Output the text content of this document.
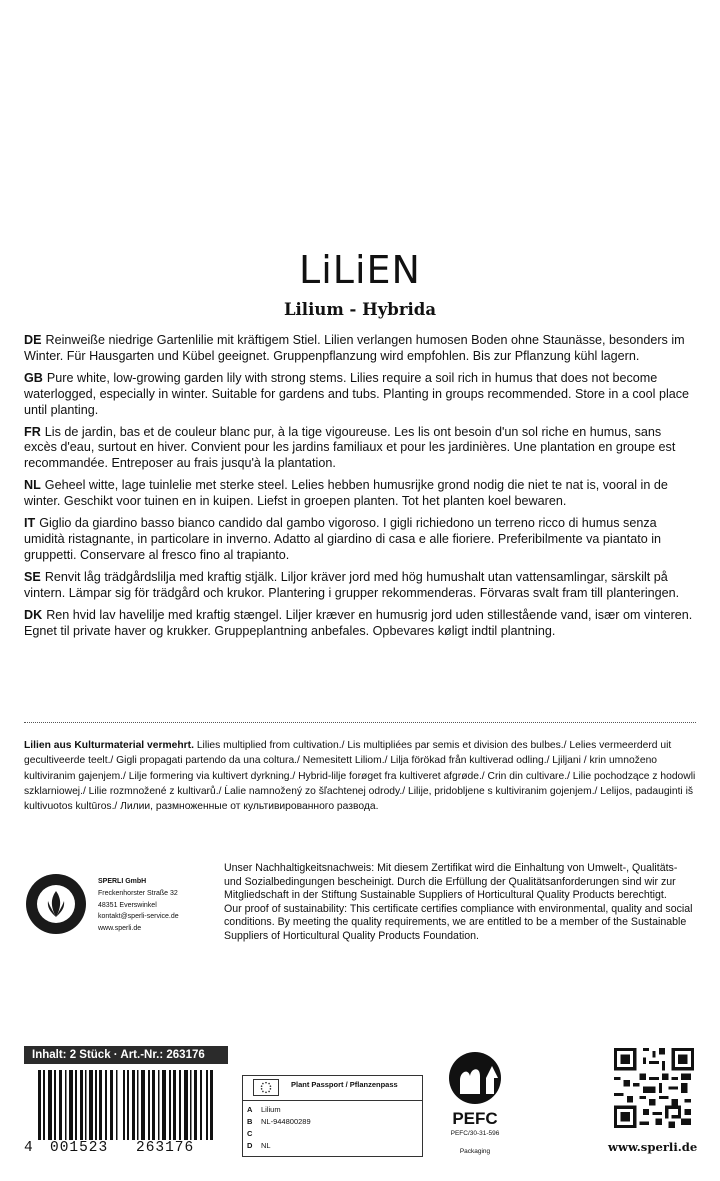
LiLiEN
Lilium - Hybrida

DE Reinweiße niedrige Gartenlilie mit kräftigem Stiel. Lilien verlangen humosen Boden ohne Staunässe, besonders im Winter. Für Hausgarten und Kübel geeignet. Gruppenpflanzung wird empfohlen. Bis zur Pflanzung kühl lagern.

GB Pure white, low-growing garden lily with strong stems. Lilies require a soil rich in humus that does not become waterlogged, especially in winter. Suitable for gardens and tubs. Planting in groups recommended. Store in a cool place until planting.

FR Lis de jardin, bas et de couleur blanc pur, à la tige vigoureuse. Les lis ont besoin d'un sol riche en humus, sans excès d'eau, surtout en hiver. Convient pour les jardins familiaux et pour les jardinières. Une plantation en groupe est recommandée. Entreposer au frais jusqu'à la plantation.

NL Geheel witte, lage tuinlelie met sterke steel. Lelies hebben humusrijke grond nodig die niet te nat is, vooral in de winter. Geschikt voor tuinen en in kuipen. Liefst in groepen planten. Tot het planten koel bewaren.

IT Giglio da giardino basso bianco candido dal gambo vigoroso. I gigli richiedono un terreno ricco di humus senza umidità ristagnante, in particolare in inverno. Adatto al giardino di casa e alle fioriere. Preferibilmente va piantato in gruppetti. Conservare al fresco fino al trapianto.

SE Renvit låg trädgårdslilja med kraftig stjälk. Liljor kräver jord med hög humushalt utan vattensamlingar, särskilt på vintern. Lämpar sig för trädgård och krukor. Plantering i grupper rekommenderas. Förvaras svalt fram till planteringen.

DK Ren hvid lav havelilje med kraftig stængel. Liljer kræver en humusrig jord uden stillestående vand, især om vinteren. Egnet til private haver og krukker. Gruppeplantning anbefales. Opbevares køligt indtil plantning.

Lilien aus Kulturmaterial vermehrt. Lilies multiplied from cultivation./ Lis multipliées par semis et division des bulbes./ Lelies vermeerderd uit gecultiveerde teelt./ Gigli propagati partendo da una coltura./ Nemesitett Liliom./ Lilja förökad från kultiverad odling./ Ljiljani / krin umnoženo kultiviranim gajenjem./ Lilje formering via kultivert dyrkning./ Hybrid-lilje forøget fra kultiveret afgrøde./ Crin din cultivare./ Lilie pochodzące z hodowli szklarniowej./ Lilie rozmnožené z kultivarů./ Ĺalie namnožený zo šľachtenej odrody./ Lilije, pridobljene s kultiviranim gojenjem./ Lelijos, padauginti iš kultivuotos kultūros./ Лилии, размноженные от культивированного развода.
SPERLI GmbH
Freckenhorster Straße 32
48351 Everswinkel
kontakt@sperli-service.de
www.sperli.de

Unser Nachhaltigkeitsnachweis: Mit diesem Zertifikat wird die Einhaltung von Umwelt-, Qualitäts- und Sozialbedingungen bescheinigt. Durch die Erfüllung der Qualitätsanforderungen sind wir zur Mitgliedschaft in der Stiftung Sustainable Suppliers of Horticultural Quality Products berechtigt.

Our proof of sustainability: This certificate certifies compliance with environmental, quality and social conditions. By meeting the quality requirements, we are entitled to be a member of the Sustainable Suppliers of Horticultural Quality Products Foundation.

Inhalt: 2 Stück · Art.-Nr.: 263176
4 001523 263176
Plant Passport / Pflanzenpass
A Lilium
B NL-944800289
C
D NL
PEFC
PEFC/30-31-596
Packaging	www.sperli.de
